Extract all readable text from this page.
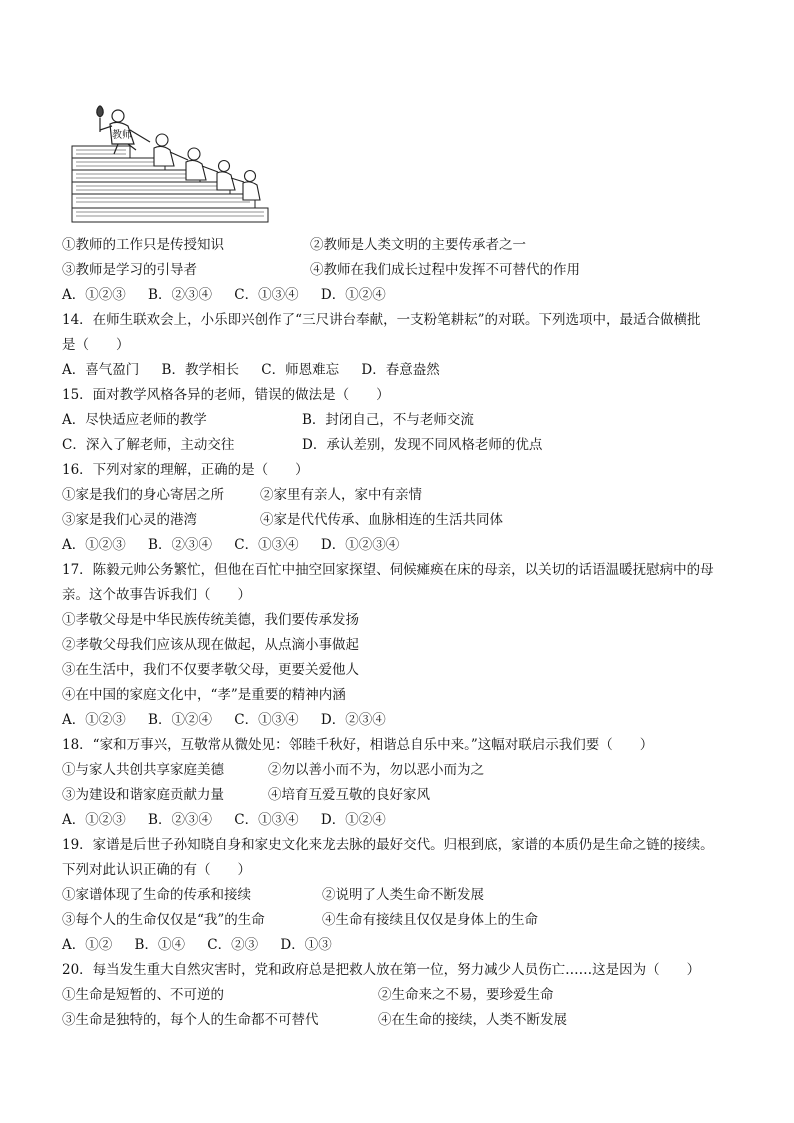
教师
①教师的工作只是传授知识	②教师是人类文明的主要传承者之一
③教师是学习的引导者	④教师在我们成长过程中发挥不可替代的作用
A．①②③ B．②③④ C．①③④ D．①②④
14．在师生联欢会上，小乐即兴创作了“三尺讲台奉献，一支粉笔耕耘”的对联。下列选项中，最适合做横批
是（　　）
A．喜气盈门 B．教学相长 C．师恩难忘 D．春意盎然
15．面对教学风格各异的老师，错误的做法是（　　）
A．尽快适应老师的教学	B．封闭自己，不与老师交流
C．深入了解老师，主动交往	D．承认差别，发现不同风格老师的优点
16．下列对家的理解，正确的是（　　）
①家是我们的身心寄居之所	②家里有亲人，家中有亲情
③家是我们心灵的港湾	④家是代代传承、血脉相连的生活共同体
A．①②③ B．②③④ C．①③④ D．①②③④
17．陈毅元帅公务繁忙，但他在百忙中抽空回家探望、伺候瘫痪在床的母亲，以关切的话语温暖抚慰病中的母
亲。这个故事告诉我们（　　）
①孝敬父母是中华民族传统美德，我们要传承发扬
②孝敬父母我们应该从现在做起，从点滴小事做起
③在生活中，我们不仅要孝敬父母，更要关爱他人
④在中国的家庭文化中，“孝”是重要的精神内涵
A．①②③ B．①②④ C．①③④ D．②③④
18．“家和万事兴，互敬常从微处见：邻睦千秋好，相谐总自乐中来。”这幅对联启示我们要（　　）
①与家人共创共享家庭美德	②勿以善小而不为，勿以恶小而为之
③为建设和谐家庭贡献力量	④培育互爱互敬的良好家风
A．①②③ B．②③④ C．①③④ D．①②④
19．家谱是后世子孙知晓自身和家史文化来龙去脉的最好交代。归根到底，家谱的本质仍是生命之链的接续。
下列对此认识正确的有（　　）
①家谱体现了生命的传承和接续	②说明了人类生命不断发展
③每个人的生命仅仅是“我”的生命	④生命有接续且仅仅是身体上的生命
A．①② B．①④ C．②③ D．①③
20．每当发生重大自然灾害时，党和政府总是把救人放在第一位，努力减少人员伤亡……这是因为（　　）
①生命是短暂的、不可逆的	②生命来之不易，要珍爱生命
③生命是独特的，每个人的生命都不可替代	④在生命的接续，人类不断发展
